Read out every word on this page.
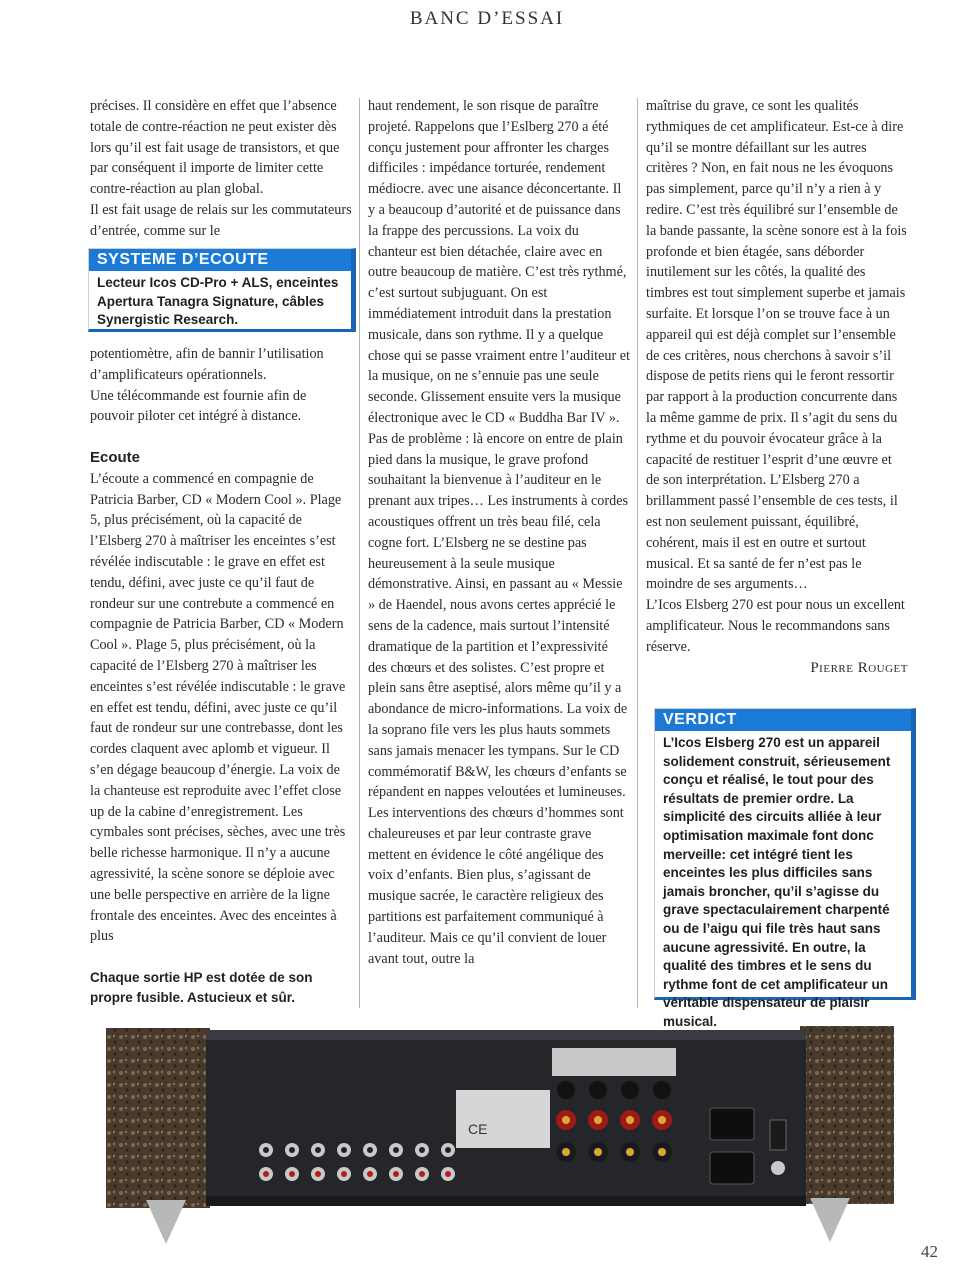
BANC D’ESSAI

précises. Il considère en effet que l’absence totale de contre-réaction ne peut exister dès lors qu’il est fait usage de transistors, et que par conséquent il importe de limiter cette contre-réaction au plan global.

Il est fait usage de relais sur les commutateurs d’entrée, comme sur le

SYSTEME D’ECOUTE
Lecteur Icos CD-Pro + ALS, enceintes Apertura Tanagra Signature, câbles Synergistic Research.

potentiomètre, afin de bannir l’utilisation d’amplificateurs opérationnels.

Une télécommande est fournie afin de pouvoir piloter cet intégré à distance.

Ecoute

L’écoute a commencé en compagnie de Patricia Barber, CD « Modern Cool ». Plage 5, plus précisément, où la capacité de l’Elsberg 270 à maîtriser les enceintes s’est révélée indiscutable : le grave en effet est tendu, défini, avec juste ce qu’il faut de rondeur sur une contrebute a commencé en compagnie de Patricia Barber, CD « Modern Cool ». Plage 5, plus précisément, où la capacité de l’Elsberg 270 à maîtriser les enceintes s’est révélée indiscutable : le grave en effet est tendu, défini, avec juste ce qu’il faut de rondeur sur une contrebasse, dont les cordes claquent avec aplomb et vigueur. Il s’en dégage beaucoup d’énergie. La voix de la chanteuse est reproduite avec l’effet close up de la cabine d’enregistrement. Les cymbales sont précises, sèches, avec une très belle richesse harmonique. Il n’y a aucune agressivité, la scène sonore se déploie avec une belle perspective en arrière de la ligne frontale des enceintes. Avec des enceintes à plus

Chaque sortie HP est dotée de son propre fusible. Astucieux et sûr.

haut rendement, le son risque de paraître projeté. Rappelons que l’Eslberg 270 a été conçu justement pour affronter les charges difficiles : impédance torturée, rendement médiocre. avec une aisance déconcertante. Il y a beaucoup d’autorité et de puissance dans la frappe des percussions. La voix du chanteur est bien détachée, claire avec en outre beaucoup de matière. C’est très rythmé, c’est surtout subjuguant. On est immédiatement introduit dans la prestation musicale, dans son rythme. Il y a quelque chose qui se passe vraiment entre l’auditeur et la musique, on ne s’ennuie pas une seule seconde. Glissement ensuite vers la musique électronique avec le CD « Buddha Bar IV ». Pas de problème : là encore on entre de plain pied dans la musique, le grave profond souhaitant la bienvenue à l’auditeur en le prenant aux tripes… Les instruments à cordes acoustiques offrent un très beau filé, cela cogne fort. L’Elsberg ne se destine pas heureusement à la seule musique démonstrative. Ainsi, en passant au « Messie » de Haendel, nous avons certes apprécié le sens de la cadence, mais surtout l’intensité dramatique de la partition et l’expressivité des chœurs et des solistes. C’est propre et plein sans être aseptisé, alors même qu’il y a abondance de micro-informations. La voix de la soprano file vers les plus hauts sommets sans jamais menacer les tympans. Sur le CD commémoratif B&W, les chœurs d’enfants se répandent en nappes veloutées et lumineuses. Les interventions des chœurs d’hommes sont chaleureuses et par leur contraste grave mettent en évidence le côté angélique des voix d’enfants. Bien plus, s’agissant de musique sacrée, le caractère religieux des partitions est parfaitement communiqué à l’auditeur. Mais ce qu’il convient de louer avant tout, outre la

maîtrise du grave, ce sont les qualités rythmiques de cet amplificateur. Est-ce à dire qu’il se montre défaillant sur les autres critères ? Non, en fait nous ne les évoquons pas simplement, parce qu’il n’y a rien à y redire. C’est très équilibré sur l’ensemble de la bande passante, la scène sonore est à la fois profonde et bien étagée, sans déborder inutilement sur les côtés, la qualité des timbres est tout simplement superbe et jamais surfaite. Et lorsque l’on se trouve face à un appareil qui est déjà complet sur l’ensemble de ces critères, nous cherchons à savoir s’il dispose de petits riens qui le feront ressortir par rapport à la production concurrente dans la même gamme de prix. Il s’agit du sens du rythme et du pouvoir évocateur grâce à la capacité de restituer l’esprit d’une œuvre et de son interprétation. L’Elsberg 270 a brillamment passé l’ensemble de ces tests, il est non seulement puissant, équilibré, cohérent, mais il est en outre et surtout musical. Et sa santé de fer n’est pas le moindre de ses arguments…

L’Icos Elsberg 270 est pour nous un excellent amplificateur. Nous le recommandons sans réserve.

Pierre Rouget
VERDICT
L’Icos Elsberg 270 est un appareil solidement construit, sérieusement conçu et réalisé, le tout pour des résultats de premier ordre. La simplicité des circuits alliée à leur optimisation maximale font donc merveille: cet intégré tient les enceintes les plus difficiles sans jamais broncher, qu’il s’agisse du grave spectaculairement charpenté ou de l’aigu qui file très haut sans aucune agressivité. En outre, la qualité des timbres et le sens du rythme font de cet amplificateur un véritable dispensateur de plaisir musical.
CE
42
